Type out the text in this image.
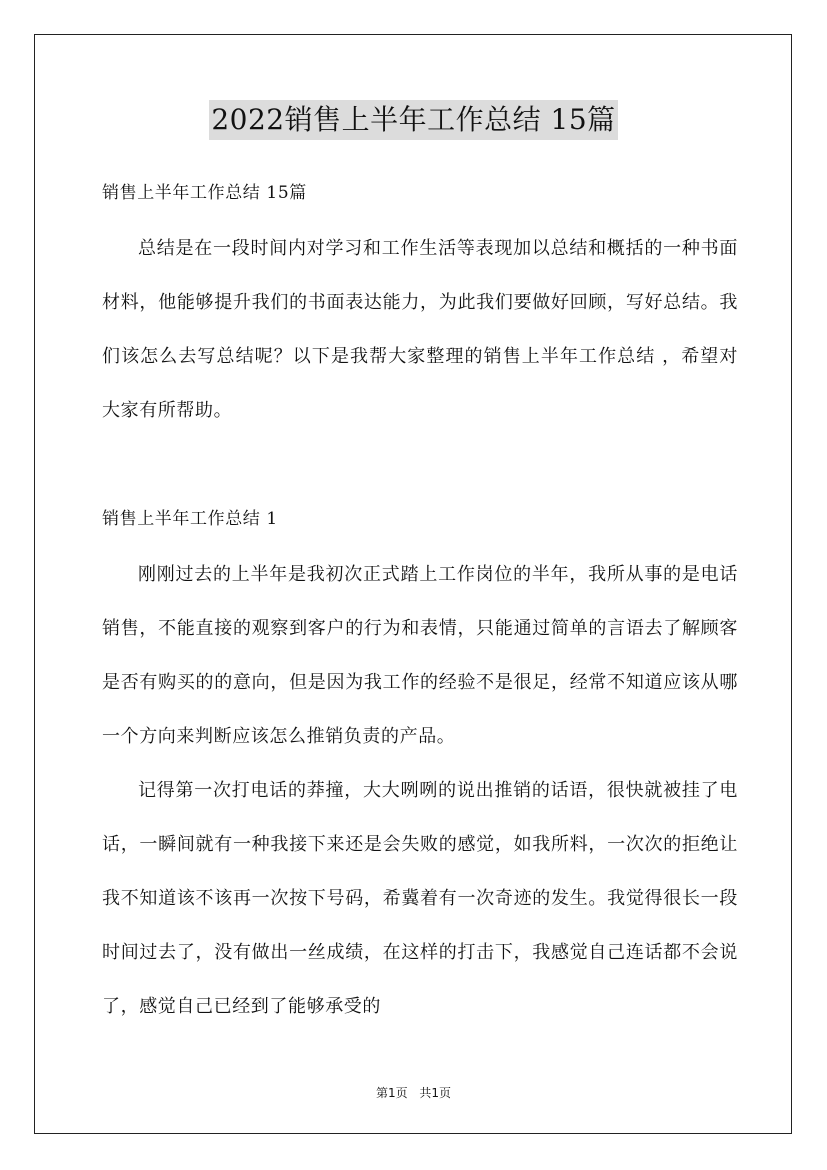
2022销售上半年工作总结 15篇
销售上半年工作总结 15篇

总结是在一段时间内对学习和工作生活等表现加以总结和概括的一种书面材料，他能够提升我们的书面表达能力，为此我们要做好回顾，写好总结。我们该怎么去写总结呢？以下是我帮大家整理的销售上半年工作总结 ，希望对大家有所帮助。

销售上半年工作总结 1

刚刚过去的上半年是我初次正式踏上工作岗位的半年，我所从事的是电话销售，不能直接的观察到客户的行为和表情，只能通过简单的言语去了解顾客是否有购买的的意向，但是因为我工作的经验不是很足，经常不知道应该从哪一个方向来判断应该怎么推销负责的产品。

记得第一次打电话的莽撞，大大咧咧的说出推销的话语，很快就被挂了电话，一瞬间就有一种我接下来还是会失败的感觉，如我所料，一次次的拒绝让我不知道该不该再一次按下号码，希冀着有一次奇迹的发生。我觉得很长一段时间过去了，没有做出一丝成绩，在这样的打击下，我感觉自己连话都不会说了，感觉自己已经到了能够承受的

第1页 共1页
